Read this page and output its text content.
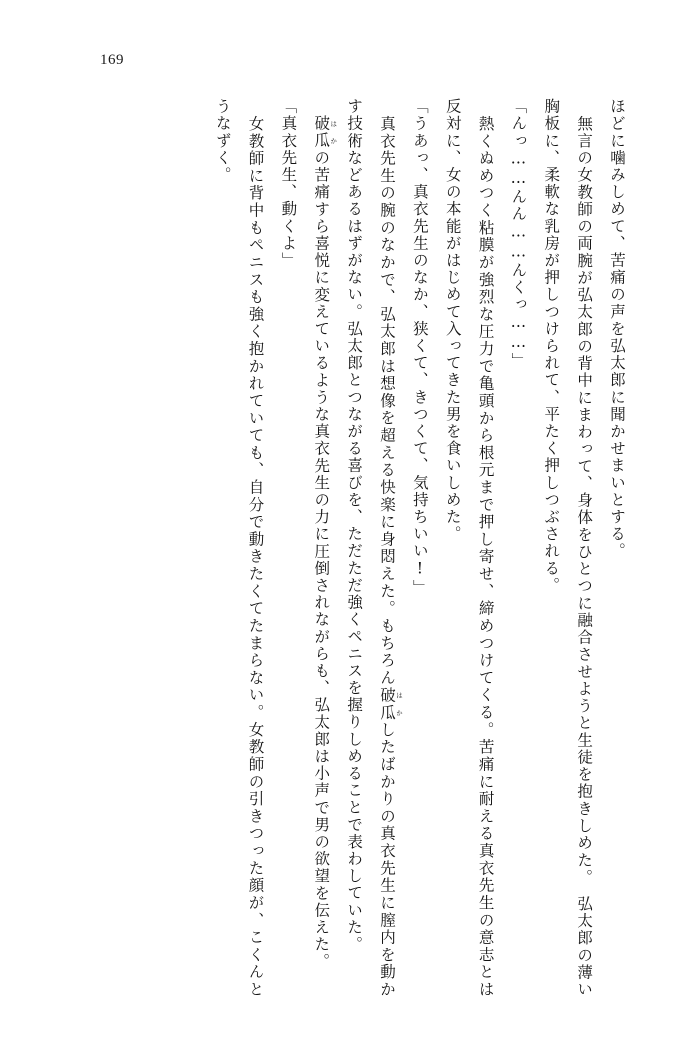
169
ほどに噛みしめて、苦痛の声を弘太郎に聞かせまいとする。
　無言の女教師の両腕が弘太郎の背中にまわって、身体をひとつに融合させようと生徒を抱きしめた。　弘太郎の薄い胸板に、柔軟な乳房が押しつけられて、平たく押しつぶされる。
「んっ……んん……んくっ……」
　熱くぬめつく粘膜が強烈な圧力で亀頭から根元まで押し寄せ、締めつけてくる。苦痛に耐える真衣先生の意志とは反対に、女の本能がはじめて入ってきた男を食いしめた。
「うあっ、真衣先生のなか、狭くて、きつくて、気持ちいい!」
　真衣先生の腕のなかで、弘太郎は想像を超える快楽に身悶えた。もちろん破瓜 はかしたばかりの真衣先生に膣内を動かす技術などあるはずがない。弘太郎とつながる喜びを、ただただ強くペニスを握りしめることで表わしていた。
　破瓜 はかの苦痛すら喜悦に変えているような真衣先生の力に圧倒されながらも、弘太郎は小声で男の欲望を伝えた。
「真衣先生、動くよ」
　女教師に背中もペニスも強く抱かれていても、自分で動きたくてたまらない。女教師の引きつった顔が、こくんとうなずく。
